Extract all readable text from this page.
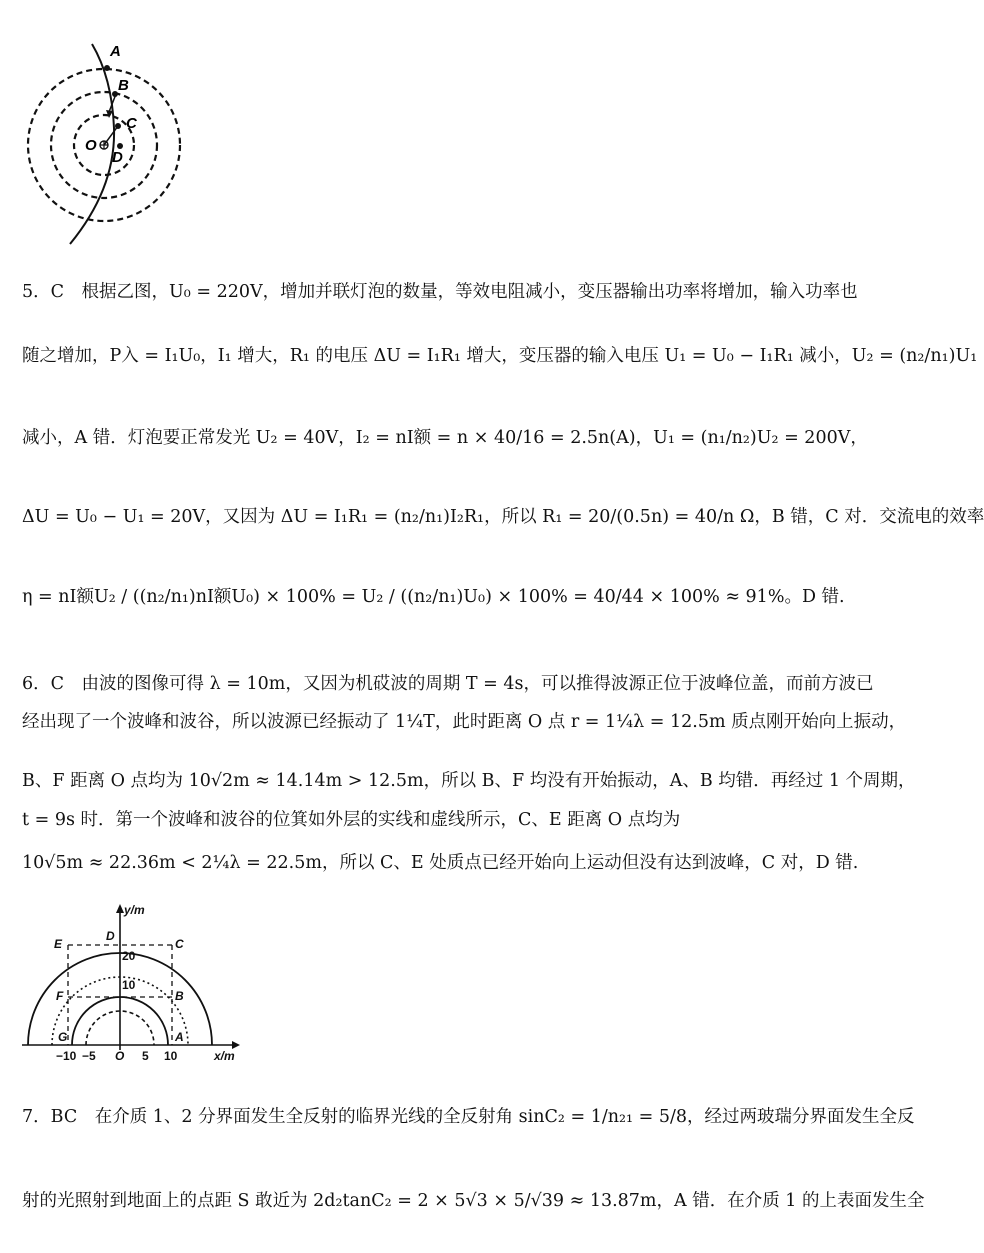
A
B
C
D
O
5．C　根据乙图，U₀ = 220V，增加并联灯泡的数量，等效电阻减小，变压器输出功率将增加，输入功率也
随之增加，P入 = I₁U₀，I₁ 增大，R₁ 的电压 ΔU = I₁R₁ 增大，变压器的输入电压 U₁ = U₀ − I₁R₁ 减小，U₂ = (n₂/n₁)U₁
减小，A 错．灯泡要正常发光 U₂ = 40V，I₂ = nI额 = n × 40/16 = 2.5n(A)，U₁ = (n₁/n₂)U₂ = 200V，
ΔU = U₀ − U₁ = 20V，又因为 ΔU = I₁R₁ = (n₂/n₁)I₂R₁，所以 R₁ = 20/(0.5n) = 40/n Ω，B 错，C 对．交流电的效率
η = nI额U₂ / ((n₂/n₁)nI额U₀) × 100% = U₂ / ((n₂/n₁)U₀) × 100% = 40/44 × 100% ≈ 91%。D 错.
6．C　由波的图像可得 λ = 10m，又因为机砹波的周期 T = 4s，可以推得波源正位于波峰位盖，而前方波已
经出现了一个波峰和波谷，所以波源已经振动了 1¼T，此时距离 O 点 r = 1¼λ = 12.5m 质点刚开始向上振动，
B、F 距离 O 点均为 10√2m ≈ 14.14m > 12.5m，所以 B、F 均没有开始振动，A、B 均错．再经过 1 个周期，
t = 9s 时．第一个波峰和波谷的位箕如外层的实线和虚线所示，C、E 距离 O 点均为
10√5m ≈ 22.36m < 2¼λ = 22.5m，所以 C、E 处质点已经开始向上运动但没有达到波峰，C 对，D 错.
E
D
C
F	B
G	A
20
10
y/m
x/m
−10 −5 O 5 10
7．BC　在介质 1、2 分界面发生全反射的临界光线的全反射角 sinC₂ = 1/n₂₁ = 5/8，经过两玻瑞分界面发生全反
射的光照射到地面上的点距 S 敢近为 2d₂tanC₂ = 2 × 5√3 × 5/√39 ≈ 13.87m，A 错．在介质 1 的上表面发生全
